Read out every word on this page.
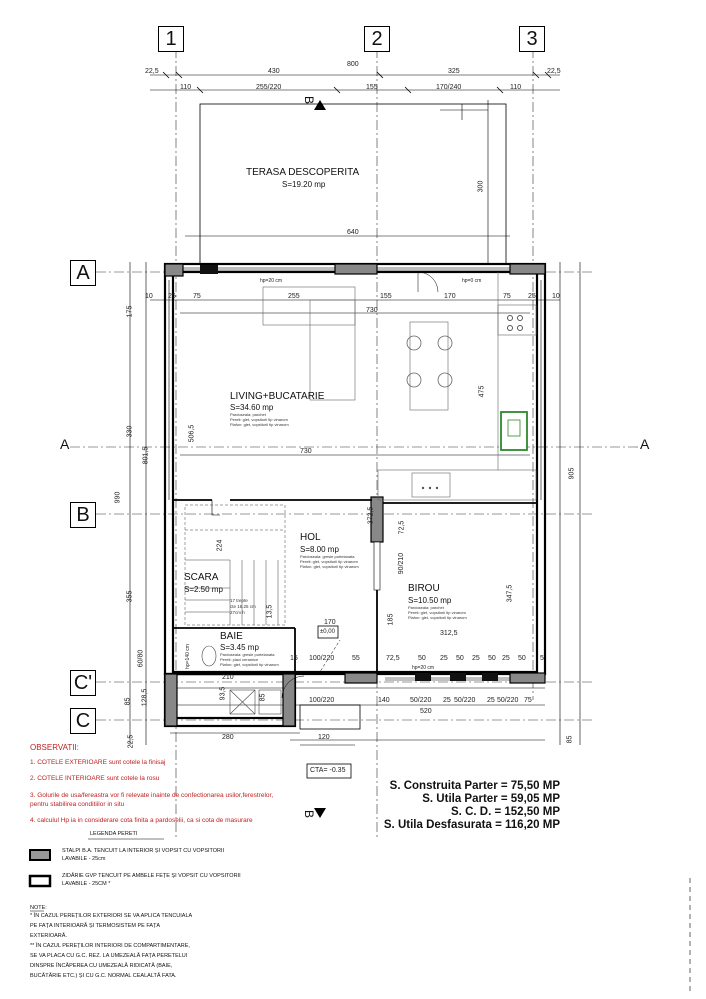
1	2	3
A
B
C'
C
A	A
B
B
800
22,5	22,5
430	325
110	255/220	155	170/240	110
640
300
10 25 75	255	155	170	75 25 10
730
730
hp=20 cm	hp=0 cm
175
330
801,5
990
355
60/80
85 128,5
22,5
506,5
224
93,5
905
85
475
372,5
72,5
90/210
185
347,5
170
312,5
15 100/220	55	72,5	50 25 50 25 50 25 50 5
100/220	140	50/220 25 50/220 25 50/220 75
520
280	120
210
85
13,5
hp=20 cm
hp=140 cm
±0,00
CTA= -0.35
TERASA DESCOPERITA
S=19.20 mp
LIVING+BUCATARIE
S=34.60 mp
Pardoseala: parchet
Pereti: glet, vopsitorii tip vinarom
Plafon: glet, vopsitorii tip vinarom
HOL
S=8.00 mp
Pardoseala: gresie portelanata
Pereti: glet, vopsitorii tip vinarom
Plafon: glet, vopsitorii tip vinarom
SCARA
S=2.50 mp
17 trepte
cte 18.25 cm
27cm h
BIROU
S=10.50 mp
Pardoseala: parchet
Pereti: glet, vopsitorii tip vinarom
Plafon: glet, vopsitorii tip vinarom
BAIE
S=3.45 mp
Pardoseala: gresie portelanata
Pereti: placi ceramice
Plafon: glet, vopsitorii tip vinarom
OBSERVATII:
1. COTELE EXTERIOARE sunt cotele la finisaj
2. COTELE INTERIOARE sunt cotele la rosu
3. Golurile de usa/fereastra vor fi relevate inainte de confectionarea usilor,ferestrelor,
pentru stabilirea conditiilor in situ
4. calculul Hp ia in considerare cota finita a pardoselii, ca si cota de masurare
S. Construita Parter = 75,50 MP
S. Utila Parter = 59,05 MP
S. C. D. = 152,50 MP
S. Utila Desfasurata = 116,20 MP
LEGENDA PERETI
STALPI B.A. TENCUIT LA INTERIOR ȘI VOPSIT CU VOPSITORII
LAVABILE - 25cm
ZIDĂRIE GVP TENCUIT PE AMBELE FEȚE ȘI VOPSIT CU VOPSITORII
LAVABILE - 25CM *
NOTE:
* ÎN CAZUL PEREȚILOR EXTERIORI SE VA APLICA TENCUIALA
PE FAȚA INTERIOARĂ ȘI TERMOSISTEM PE FAȚA
EXTERIOARĂ.
** ÎN CAZUL PEREȚILOR INTERIORI DE COMPARTIMENTARE,
SE VA PLACA CU G.C. REZ. LA UMEZEALĂ FAȚA PERETELUI
DINSPRE ÎNCĂPEREA CU UMEZEALĂ RIDICATĂ (BAIE,
BUCĂTĂRIE ETC.) ȘI CU G.C. NORMAL CEALALTĂ FATA.
